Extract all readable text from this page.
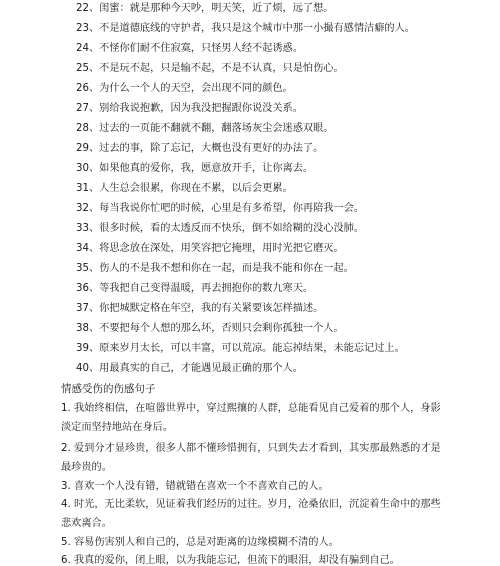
22、闺蜜：就是那种今天吵，明天笑，近了烦，远了想。
23、不是道德底线的守护者，我只是这个城市中那一小撮有感情洁癖的人。
24、不怪你们耐不住寂寞，只怪男人经不起诱惑。
25、不是玩不起，只是输不起，不是不认真，只是怕伤心。
26、为什么一个人的天空，会出现不同的颜色。
27、别给我说抱歉，因为我没把握跟你说没关系。
28、过去的一页能不翻就不翻，翻落场灰尘会迷惑双眼。
29、过去的事，除了忘记，大概也没有更好的办法了。
30、如果他真的爱你，我，愿意放开手，让你离去。
31、人生总会很累，你现在不累，以后会更累。
32、每当我说你忙吧的时候，心里是有多希望，你再陪我一会。
33、很多时候，看的太透反而不快乐，倒不如给糊的没心没肺。
34、将思念放在深处，用笑容把它掩埋，用时光把它磨灭。
35、伤人的不是我不想和你在一起，而是我不能和你在一起。
36、等我把自己变得温暖，再去拥抱你的数九寒天。
37、你把城默定格在年空，我的有关紧要该怎样描述。
38、不要把每个人想的那么坏，否则只会剩你孤独一个人。
39、原来岁月太长，可以丰富，可以荒凉。能忘掉结果，未能忘记过上。
40、用最真实的自己，才能遇见最正确的那个人。
情感受伤的伤感句子
1. 我始终相信，在喧嚣世界中，穿过熙攘的人群，总能看见自己爱着的那个人，身影淡定而坚持地站在身后。
2. 爱到分才显珍贵，很多人都不懂珍惜拥有，只到失去才看到，其实那最熟悉的才是最珍贵的。
3. 喜欢一个人没有错，错就错在喜欢一个不喜欢自己的人。
4. 时光，无比柔软，见证着我们经历的过往。岁月，沧桑依旧，沉淀着生命中的那些悲欢离合。
5. 容易伤害别人和自己的，总是对距离的边缘模糊不清的人。
6. 我真的爱你，闭上眼，以为我能忘记，但流下的眼泪，却没有骗到自己。
